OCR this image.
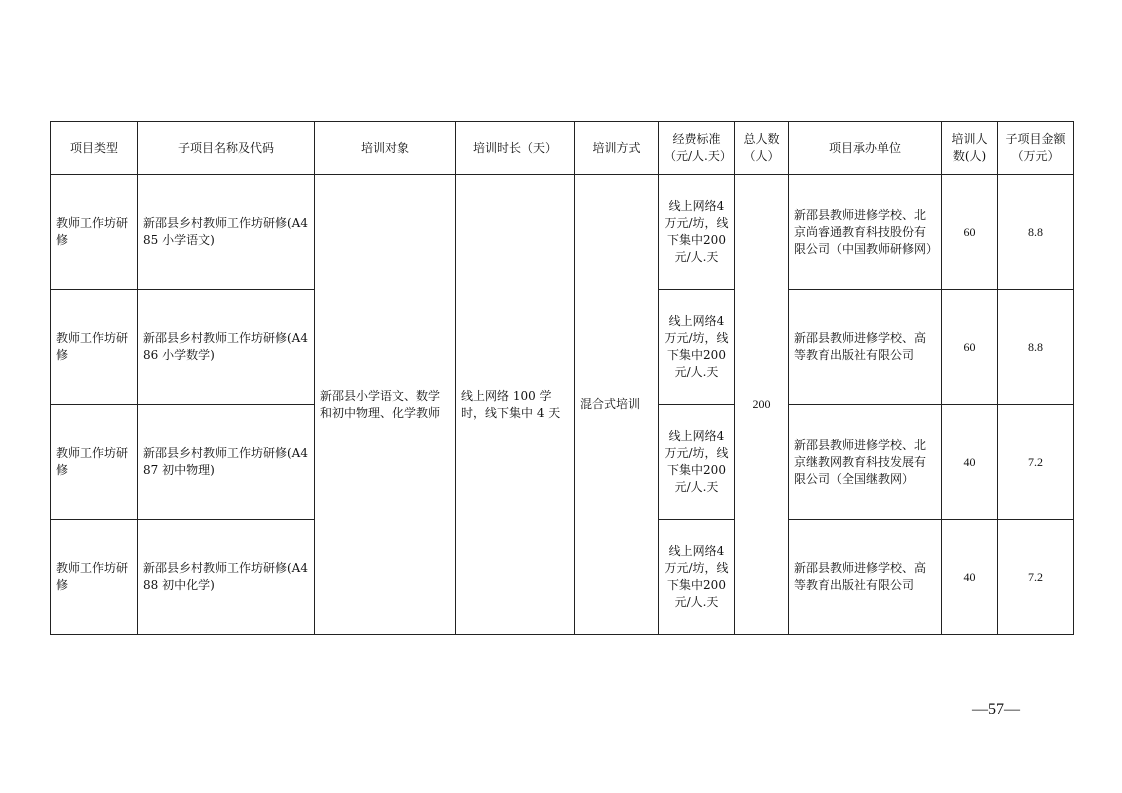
项目类型	子项目名称及代码	培训对象	培训时长（天）	培训方式	经费标准（元/人.天）	总人数（人）	项目承办单位	培训人数(人)	子项目金额（万元）
教师工作坊研修	新邵县乡村教师工作坊研修(A485 小学语文)	新邵县小学语文、数学和初中物理、化学教师	线上网络 100 学时，线下集中 4 天	混合式培训	线上网络4万元/坊，线下集中200元/人.天	200	新邵县教师进修学校、北京尚睿通教育科技股份有限公司（中国教师研修网）	60	8.8
教师工作坊研修	新邵县乡村教师工作坊研修(A486 小学数学)				线上网络4万元/坊，线下集中200元/人.天		新邵县教师进修学校、高等教育出版社有限公司	60	8.8
教师工作坊研修	新邵县乡村教师工作坊研修(A487 初中物理)				线上网络4万元/坊，线下集中200元/人.天		新邵县教师进修学校、北京继教网教育科技发展有限公司（全国继教网）	40	7.2
教师工作坊研修	新邵县乡村教师工作坊研修(A488 初中化学)				线上网络4万元/坊，线下集中200元/人.天		新邵县教师进修学校、高等教育出版社有限公司	40	7.2
—57—
